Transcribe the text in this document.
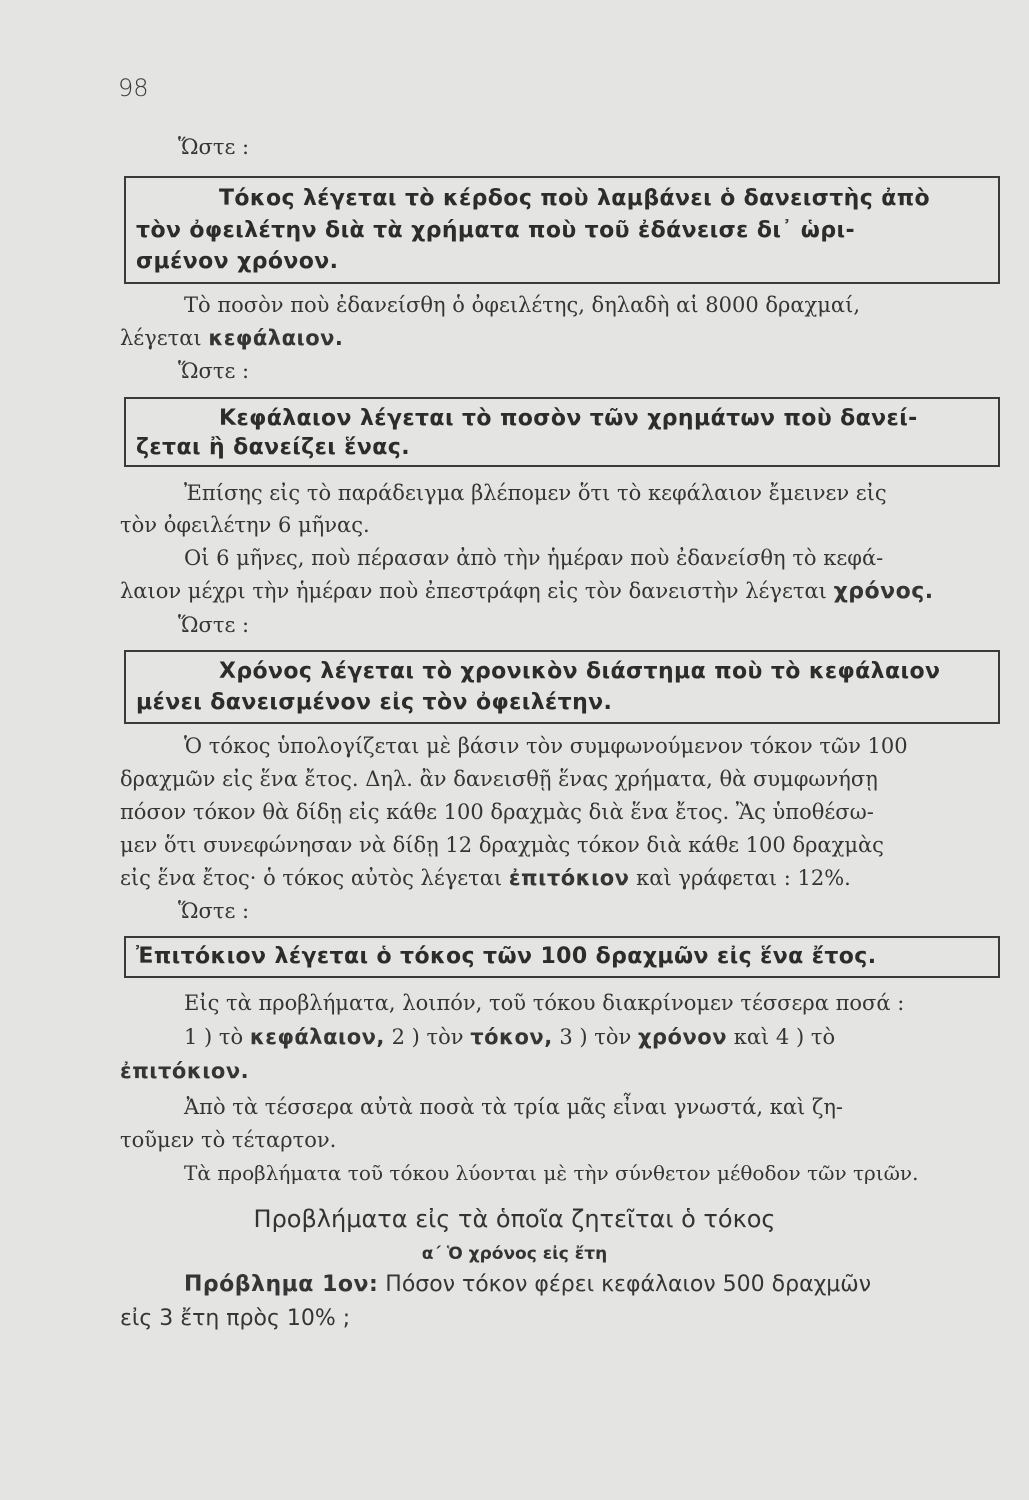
98
Ὥστε :
Τόκος λέγεται τὸ κέρδος ποὺ λαμβάνει ὁ δανειστὴς ἀπὸ
τὸν ὀφειλέτην διὰ τὰ χρήματα ποὺ τοῦ ἐδάνεισε δι᾽ ὡρι-
σμένον χρόνον.
Τὸ ποσὸν ποὺ ἐδανείσθη ὁ ὀφειλέτης, δηλαδὴ αἱ 8000 δραχμαί,
λέγεται κεφάλαιον.
Ὥστε :
Κεφάλαιον λέγεται τὸ ποσὸν τῶν χρημάτων ποὺ δανεί-
ζεται ἢ δανείζει ἕνας.
Ἐπίσης εἰς τὸ παράδειγμα βλέπομεν ὅτι τὸ κεφάλαιον ἔμεινεν εἰς
τὸν ὀφειλέτην 6 μῆνας.
Οἱ 6 μῆνες, ποὺ πέρασαν ἀπὸ τὴν ἡμέραν ποὺ ἐδανείσθη τὸ κεφά-
λαιον μέχρι τὴν ἡμέραν ποὺ ἐπεστράφη εἰς τὸν δανειστὴν λέγεται χρόνος.
Ὥστε :
Χρόνος λέγεται τὸ χρονικὸν διάστημα ποὺ τὸ κεφάλαιον
μένει δανεισμένον εἰς τὸν ὀφειλέτην.
Ὁ τόκος ὑπολογίζεται μὲ βάσιν τὸν συμφωνούμενον τόκον τῶν 100
δραχμῶν εἰς ἕνα ἔτος. Δηλ. ἂν δανεισθῇ ἕνας χρήματα, θὰ συμφωνήσῃ
πόσον τόκον θὰ δίδῃ εἰς κάθε 100 δραχμὰς διὰ ἕνα ἔτος. Ἂς ὑποθέσω-
μεν ὅτι συνεφώνησαν νὰ δίδῃ 12 δραχμὰς τόκον διὰ κάθε 100 δραχμὰς
εἰς ἕνα ἔτος· ὁ τόκος αὐτὸς λέγεται ἐπιτόκιον καὶ γράφεται : 12%.
Ὥστε :
Ἐπιτόκιον λέγεται ὁ τόκος τῶν 100 δραχμῶν εἰς ἕνα ἔτος.
Εἰς τὰ προβλήματα, λοιπόν, τοῦ τόκου διακρίνομεν τέσσερα ποσά :
1 ) τὸ κεφάλαιον, 2 ) τὸν τόκον, 3 ) τὸν χρόνον καὶ 4 ) τὸ
ἐπιτόκιον.
Ἀπὸ τὰ τέσσερα αὐτὰ ποσὰ τὰ τρία μᾶς εἶναι γνωστά, καὶ ζη-
τοῦμεν τὸ τέταρτον.
Τὰ προβλήματα τοῦ τόκου λύονται μὲ τὴν σύνθετον μέθοδον τῶν τριῶν.
Προβλήματα εἰς τὰ ὁποῖα ζητεῖται ὁ τόκος
α΄ Ὁ χρόνος εἰς ἔτη
Πρόβλημα 1ον: Πόσον τόκον φέρει κεφάλαιον 500 δραχμῶν
εἰς 3 ἔτη πρὸς 10% ;
